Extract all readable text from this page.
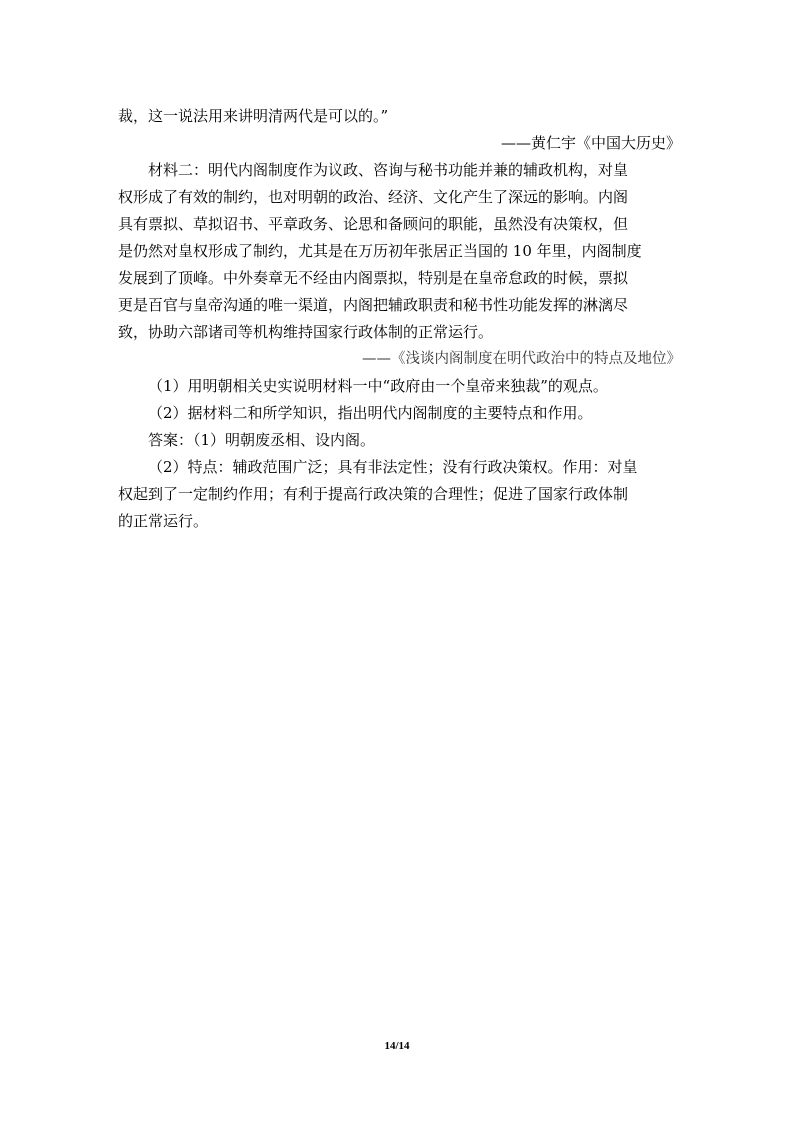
裁，这一说法用来讲明清两代是可以的。”
——黄仁宇《中国大历史》
材料二：明代内阁制度作为议政、咨询与秘书功能并兼的辅政机构，对皇
权形成了有效的制约，也对明朝的政治、经济、文化产生了深远的影响。内阁
具有票拟、草拟诏书、平章政务、论思和备顾问的职能，虽然没有决策权，但
是仍然对皇权形成了制约，尤其是在万历初年张居正当国的 10 年里，内阁制度
发展到了顶峰。中外奏章无不经由内阁票拟，特别是在皇帝怠政的时候，票拟
更是百官与皇帝沟通的唯一渠道，内阁把辅政职责和秘书性功能发挥的淋漓尽
致，协助六部诸司等机构维持国家行政体制的正常运行。
——《浅谈内阁制度在明代政治中的特点及地位》
（1）用明朝相关史实说明材料一中“政府由一个皇帝来独裁”的观点。
（2）据材料二和所学知识，指出明代内阁制度的主要特点和作用。
答案：（1）明朝废丞相、设内阁。
（2）特点：辅政范围广泛；具有非法定性；没有行政决策权。作用：对皇
权起到了一定制约作用；有利于提高行政决策的合理性；促进了国家行政体制
的正常运行。
14/14
